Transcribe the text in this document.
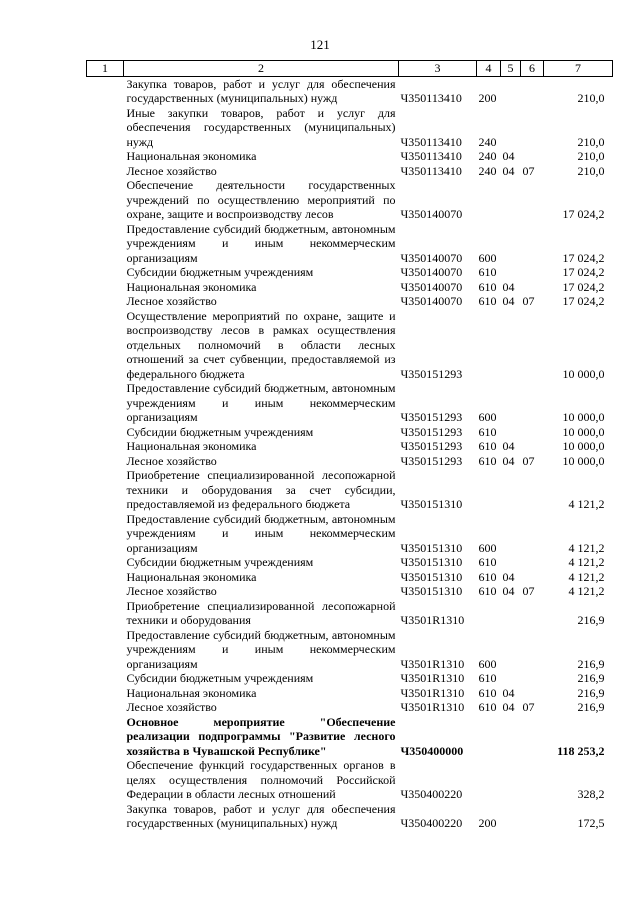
121
1	2	3	4	5	6	7
	Закупка товаров, работ и услуг для обеспечения государственных (муниципальных) нужд	Ч350113410	200			210,0
	Иные закупки товаров, работ и услуг для обеспечения государственных (муниципальных) нужд	Ч350113410	240			210,0
	Национальная экономика	Ч350113410	240	04		210,0
	Лесное хозяйство	Ч350113410	240	04	07	210,0
	Обеспечение деятельности государственных учреждений по осуществлению мероприятий по охране, защите и воспроизводству лесов	Ч350140070				17 024,2
	Предоставление субсидий бюджетным, автономным учреждениям и иным некоммерческим организациям	Ч350140070	600			17 024,2
	Субсидии бюджетным учреждениям	Ч350140070	610			17 024,2
	Национальная экономика	Ч350140070	610	04		17 024,2
	Лесное хозяйство	Ч350140070	610	04	07	17 024,2
	Осуществление мероприятий по охране, защите и воспроизводству лесов в рамках осуществления отдельных полномочий в области лесных отношений за счет субвенции, предоставляемой из федерального бюджета	Ч350151293				10 000,0
	Предоставление субсидий бюджетным, автономным учреждениям и иным некоммерческим организациям	Ч350151293	600			10 000,0
	Субсидии бюджетным учреждениям	Ч350151293	610			10 000,0
	Национальная экономика	Ч350151293	610	04		10 000,0
	Лесное хозяйство	Ч350151293	610	04	07	10 000,0
	Приобретение специализированной лесопожарной техники и оборудования за счет субсидии, предоставляемой из федерального бюджета	Ч350151310				4 121,2
	Предоставление субсидий бюджетным, автономным учреждениям и иным некоммерческим организациям	Ч350151310	600			4 121,2
	Субсидии бюджетным учреждениям	Ч350151310	610			4 121,2
	Национальная экономика	Ч350151310	610	04		4 121,2
	Лесное хозяйство	Ч350151310	610	04	07	4 121,2
	Приобретение специализированной лесопожарной техники и оборудования	Ч3501R1310				216,9
	Предоставление субсидий бюджетным, автономным учреждениям и иным некоммерческим организациям	Ч3501R1310	600			216,9
	Субсидии бюджетным учреждениям	Ч3501R1310	610			216,9
	Национальная экономика	Ч3501R1310	610	04		216,9
	Лесное хозяйство	Ч3501R1310	610	04	07	216,9
	Основное мероприятие "Обеспечение реализации подпрограммы "Развитие лесного хозяйства в Чувашской Республике"	Ч350400000				118 253,2
	Обеспечение функций государственных органов в целях осуществления полномочий Российской Федерации в области лесных отношений	Ч350400220				328,2
	Закупка товаров, работ и услуг для обеспечения государственных (муниципальных) нужд	Ч350400220	200			172,5
